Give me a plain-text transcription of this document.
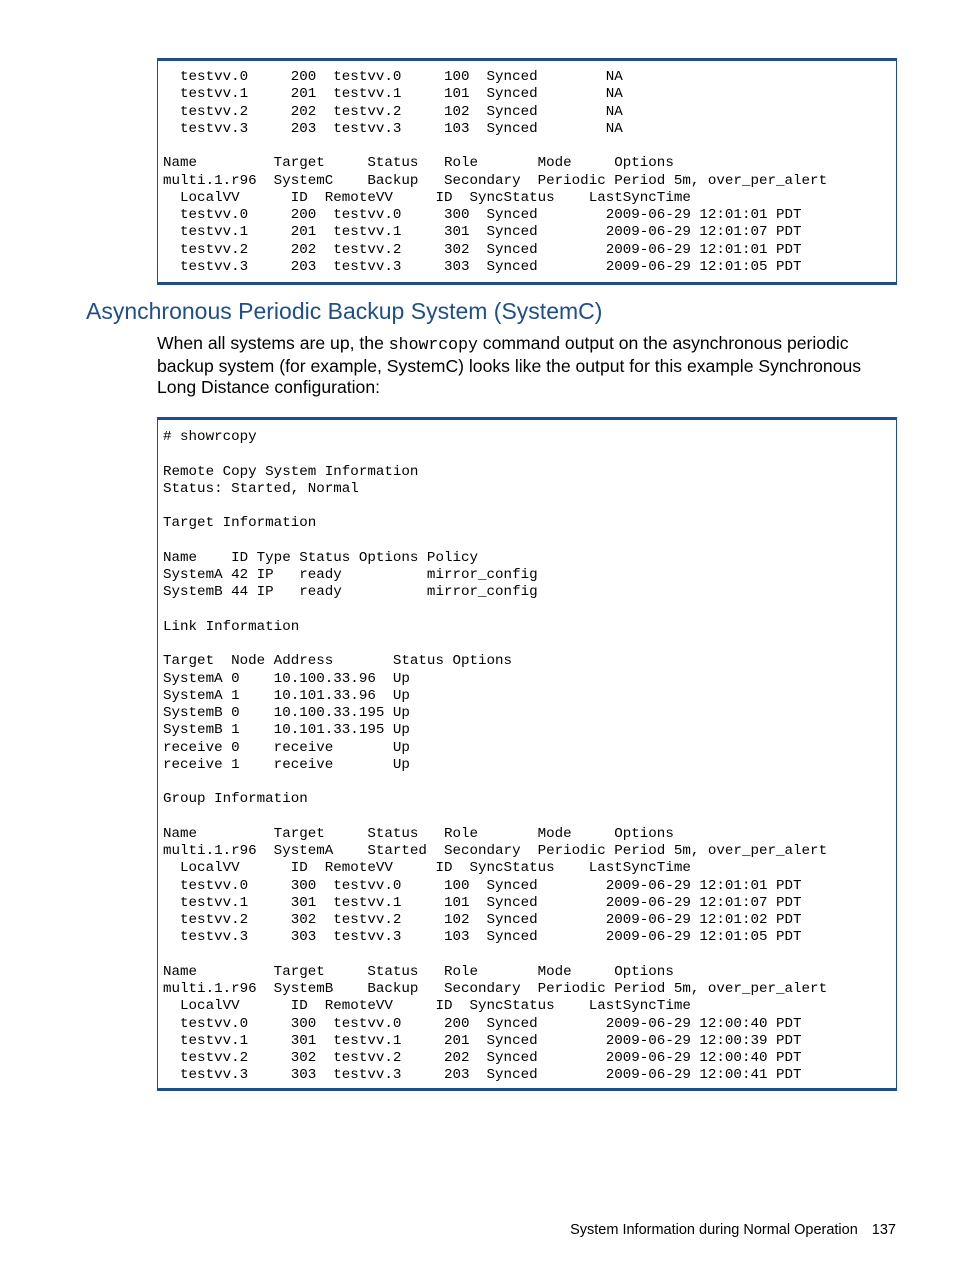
testvv.0     200  testvv.0     100  Synced        NA
testvv.1     201  testvv.1     101  Synced        NA
testvv.2     202  testvv.2     102  Synced        NA
testvv.3     203  testvv.3     103  Synced        NA

Name         Target     Status   Role       Mode     Options
multi.1.r96  SystemC    Backup   Secondary  Periodic Period 5m, over_per_alert
LocalVV      ID  RemoteVV     ID  SyncStatus    LastSyncTime
testvv.0     200  testvv.0     300  Synced        2009-06-29 12:01:01 PDT
testvv.1     201  testvv.1     301  Synced        2009-06-29 12:01:07 PDT
testvv.2     202  testvv.2     302  Synced        2009-06-29 12:01:01 PDT
testvv.3     203  testvv.3     303  Synced        2009-06-29 12:01:05 PDT
Asynchronous Periodic Backup System (SystemC)

When all systems are up, the showrcopy command output on the asynchronous periodic backup system (for example, SystemC) looks like the output for this example Synchronous Long Distance configuration:

# showrcopy

Remote Copy System Information
Status: Started, Normal

Target Information

Name    ID Type Status Options Policy
SystemA 42 IP   ready          mirror_config
SystemB 44 IP   ready          mirror_config

Link Information

Target  Node Address       Status Options
SystemA 0    10.100.33.96  Up
SystemA 1    10.101.33.96  Up
SystemB 0    10.100.33.195 Up
SystemB 1    10.101.33.195 Up
receive 0    receive       Up
receive 1    receive       Up

Group Information

Name         Target     Status   Role       Mode     Options
multi.1.r96  SystemA    Started  Secondary  Periodic Period 5m, over_per_alert
LocalVV      ID  RemoteVV     ID  SyncStatus    LastSyncTime
testvv.0     300  testvv.0     100  Synced        2009-06-29 12:01:01 PDT
testvv.1     301  testvv.1     101  Synced        2009-06-29 12:01:07 PDT
testvv.2     302  testvv.2     102  Synced        2009-06-29 12:01:02 PDT
testvv.3     303  testvv.3     103  Synced        2009-06-29 12:01:05 PDT

Name         Target     Status   Role       Mode     Options
multi.1.r96  SystemB    Backup   Secondary  Periodic Period 5m, over_per_alert
LocalVV      ID  RemoteVV     ID  SyncStatus    LastSyncTime
testvv.0     300  testvv.0     200  Synced        2009-06-29 12:00:40 PDT
testvv.1     301  testvv.1     201  Synced        2009-06-29 12:00:39 PDT
testvv.2     302  testvv.2     202  Synced        2009-06-29 12:00:40 PDT
testvv.3     303  testvv.3     203  Synced        2009-06-29 12:00:41 PDT
System Information during Normal Operation 137
